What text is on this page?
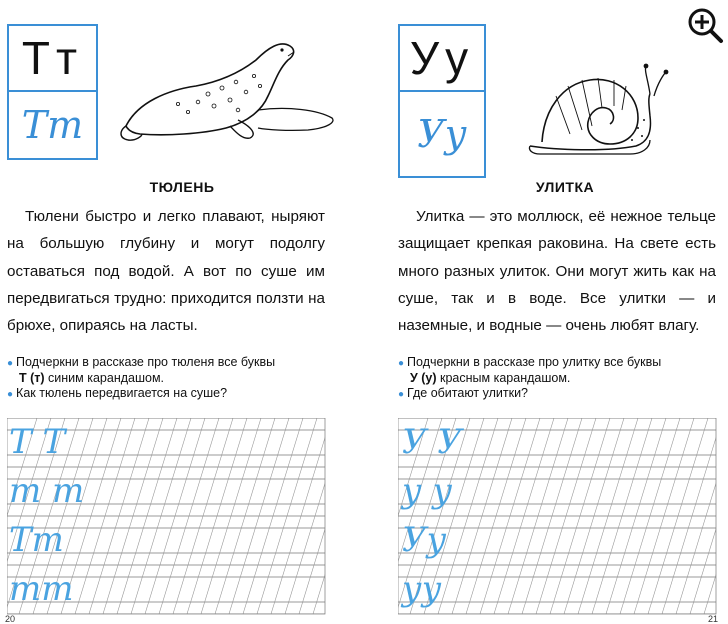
Тт
Тт
ТЮЛЕНЬ
Тюлени быстро и легко плавают, ныряют на большую глубину и могут подолгу оставаться под водой. А вот по суше им передвигаться трудно: приходится ползти на брюхе, опираясь на ласты.
● Подчеркни в рассказе про тюленя все буквы
Т (т) синим карандашом.
● Как тюлень передвигается на суше?
Т Т
т т
Тт
тт
20
Уу
Уу
УЛИТКА
Улитка — это моллюск, её нежное тельце защищает крепкая раковина. На свете есть много разных улиток. Они могут жить как на суше, так и в воде. Все улитки — и наземные, и водные — очень любят влагу.
● Подчеркни в рассказе про улитку все буквы
У (у) красным карандашом.
● Где обитают улитки?
У У
у у
Уу
уу
21
